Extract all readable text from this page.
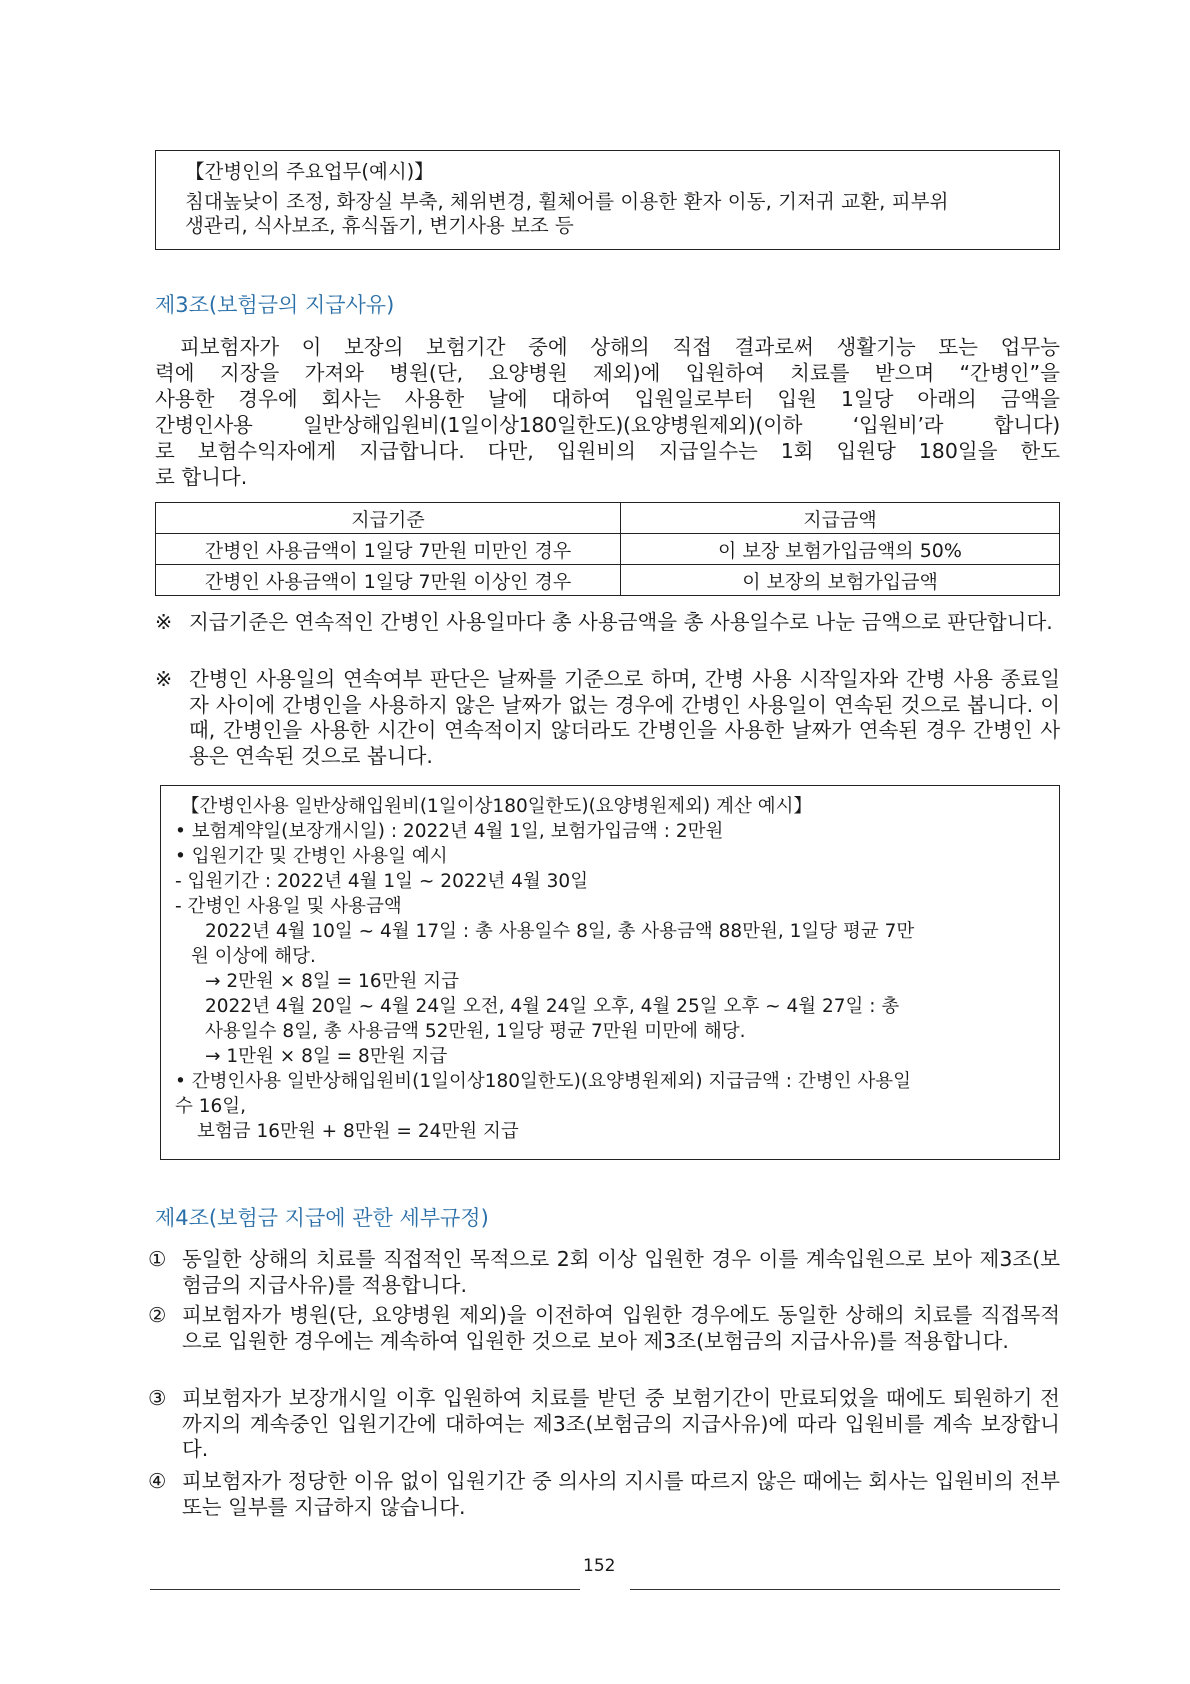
【간병인의 주요업무(예시)】
침대높낮이 조정, 화장실 부축, 체위변경, 휠체어를 이용한 환자 이동, 기저귀 교환, 피부위
생관리, 식사보조, 휴식돕기, 변기사용 보조 등
제3조(보험금의 지급사유)
피보험자가 이 보장의 보험기간 중에 상해의 직접 결과로써 생활기능 또는 업무능
력에 지장을 가져와 병원(단, 요양병원 제외)에 입원하여 치료를 받으며 “간병인”을
사용한 경우에 회사는 사용한 날에 대하여 입원일로부터 입원 1일당 아래의 금액을
간병인사용 일반상해입원비(1일이상180일한도)(요양병원제외)(이하 ‘입원비’라 합니다)
로 보험수익자에게 지급합니다. 다만, 입원비의 지급일수는 1회 입원당 180일을 한도
로 합니다.
지급기준	지급금액
간병인 사용금액이 1일당 7만원 미만인 경우	이 보장 보험가입금액의 50%
간병인 사용금액이 1일당 7만원 이상인 경우	이 보장의 보험가입금액
※ 지급기준은 연속적인 간병인 사용일마다 총 사용금액을 총 사용일수로 나눈 금액으로 판단합니다.
※ 간병인 사용일의 연속여부 판단은 날짜를 기준으로 하며, 간병 사용 시작일자와 간병 사용 종료일자 사이에 간병인을 사용하지 않은 날짜가 없는 경우에 간병인 사용일이 연속된 것으로 봅니다. 이때, 간병인을 사용한 시간이 연속적이지 않더라도 간병인을 사용한 날짜가 연속된 경우 간병인 사용은 연속된 것으로 봅니다.
【간병인사용 일반상해입원비(1일이상180일한도)(요양병원제외) 계산 예시】
• 보험계약일(보장개시일) : 2022년 4월 1일, 보험가입금액 : 2만원
• 입원기간 및 간병인 사용일 예시
- 입원기간 : 2022년 4월 1일 ~ 2022년 4월 30일
- 간병인 사용일 및 사용금액
2022년 4월 10일 ~ 4월 17일 : 총 사용일수 8일, 총 사용금액 88만원, 1일당 평균 7만
원 이상에 해당.
→ 2만원 × 8일 = 16만원 지급
2022년 4월 20일 ~ 4월 24일 오전, 4월 24일 오후, 4월 25일 오후 ~ 4월 27일 : 총
사용일수 8일, 총 사용금액 52만원, 1일당 평균 7만원 미만에 해당.
→ 1만원 × 8일 = 8만원 지급
• 간병인사용 일반상해입원비(1일이상180일한도)(요양병원제외) 지급금액 : 간병인 사용일
수 16일,
보험금 16만원 + 8만원 = 24만원 지급
제4조(보험금 지급에 관한 세부규정)
① 동일한 상해의 치료를 직접적인 목적으로 2회 이상 입원한 경우 이를 계속입원으로 보아 제3조(보험금의 지급사유)를 적용합니다.
② 피보험자가 병원(단, 요양병원 제외)을 이전하여 입원한 경우에도 동일한 상해의 치료를 직접목적으로 입원한 경우에는 계속하여 입원한 것으로 보아 제3조(보험금의 지급사유)를 적용합니다.
③ 피보험자가 보장개시일 이후 입원하여 치료를 받던 중 보험기간이 만료되었을 때에도 퇴원하기 전까지의 계속중인 입원기간에 대하여는 제3조(보험금의 지급사유)에 따라 입원비를 계속 보장합니다.
④ 피보험자가 정당한 이유 없이 입원기간 중 의사의 지시를 따르지 않은 때에는 회사는 입원비의 전부 또는 일부를 지급하지 않습니다.
152
